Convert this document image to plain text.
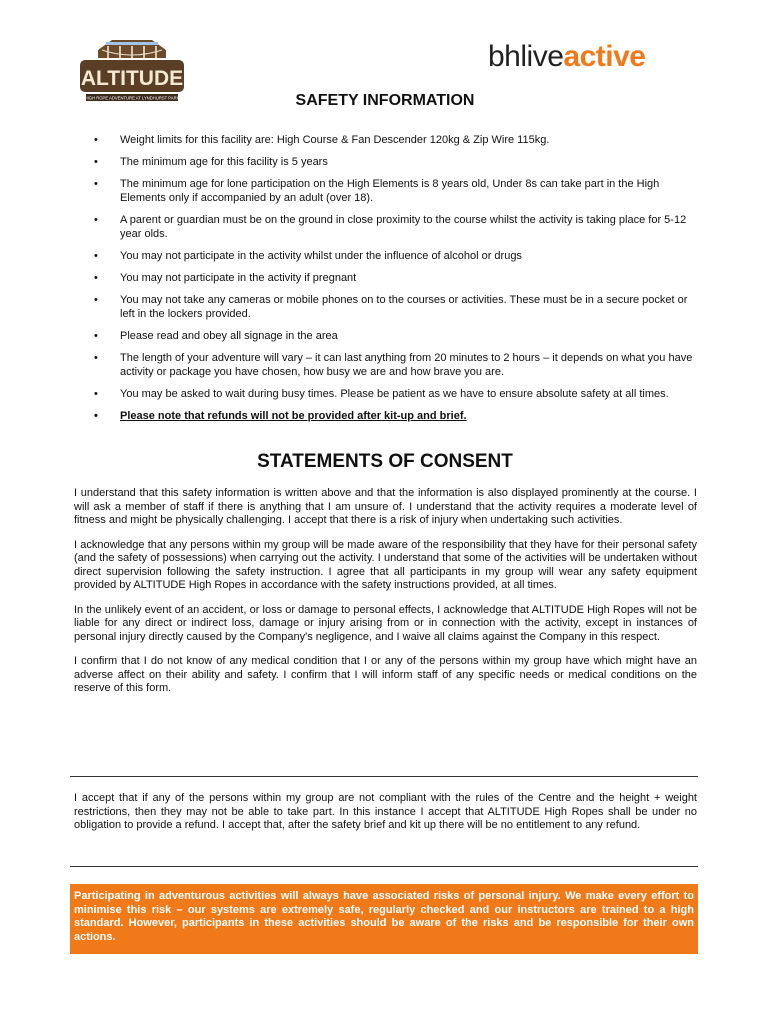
ALTITUDE
HIGH ROPE ADVENTURE AT LYNDHURST PARK
bhliveactive
SAFETY INFORMATION
• Weight limits for this facility are: High Course & Fan Descender 120kg & Zip Wire 115kg.
• The minimum age for this facility is 5 years
• The minimum age for lone participation on the High Elements is 8 years old, Under 8s can take part in the High Elements only if accompanied by an adult (over 18).
• A parent or guardian must be on the ground in close proximity to the course whilst the activity is taking place for 5-12 year olds.
• You may not participate in the activity whilst under the influence of alcohol or drugs
• You may not participate in the activity if pregnant
• You may not take any cameras or mobile phones on to the courses or activities. These must be in a secure pocket or left in the lockers provided.
• Please read and obey all signage in the area
• The length of your adventure will vary – it can last anything from 20 minutes to 2 hours – it depends on what you have activity or package you have chosen, how busy we are and how brave you are.
• You may be asked to wait during busy times. Please be patient as we have to ensure absolute safety at all times.
• Please note that refunds will not be provided after kit-up and brief.
STATEMENTS OF CONSENT

I understand that this safety information is written above and that the information is also displayed prominently at the course. I will ask a member of staff if there is anything that I am unsure of. I understand that the activity requires a moderate level of fitness and might be physically challenging. I accept that there is a risk of injury when undertaking such activities.

I acknowledge that any persons within my group will be made aware of the responsibility that they have for their personal safety (and the safety of possessions) when carrying out the activity. I understand that some of the activities will be undertaken without direct supervision following the safety instruction. I agree that all participants in my group will wear any safety equipment provided by ALTITUDE High Ropes in accordance with the safety instructions provided, at all times.

In the unlikely event of an accident, or loss or damage to personal effects, I acknowledge that ALTITUDE High Ropes will not be liable for any direct or indirect loss, damage or injury arising from or in connection with the activity, except in instances of personal injury directly caused by the Company's negligence, and I waive all claims against the Company in this respect.

I confirm that I do not know of any medical condition that I or any of the persons within my group have which might have an adverse affect on their ability and safety. I confirm that I will inform staff of any specific needs or medical conditions on the reserve of this form.

I accept that if any of the persons within my group are not compliant with the rules of the Centre and the height + weight restrictions, then they may not be able to take part. In this instance I accept that ALTITUDE High Ropes shall be under no obligation to provide a refund. I accept that, after the safety brief and kit up there will be no entitlement to any refund.

Participating in adventurous activities will always have associated risks of personal injury. We make every effort to minimise this risk – our systems are extremely safe, regularly checked and our instructors are trained to a high standard. However, participants in these activities should be aware of the risks and be responsible for their own actions.
